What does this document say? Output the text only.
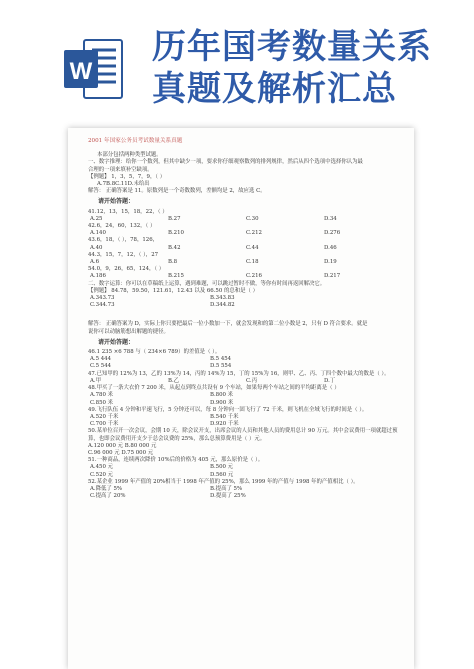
W
历年国考数量关系
真题及解析汇总
2001 年国家公务员考试数量关系真题

本部分包括两种类型试题。

一、数字推理：给你一个数列，但其中缺少一项，要求你仔细观察数列的排列规律，然后从四个选项中选择你认为最

合理的一项来填补空缺项。

【例题】 1，3，5，7，9，（ ）

A.7B.8C.11D.未给出

解答： 正确答案是 11。原数列是一个奇数数列，差额均是 2，故应选 C。

请开始答题：

41.12，13，15，18，22，（ ）

A.25	B.27	C.30	D.34

42.6，24，60，132，（ ）

A.140	B.210	C.212	D.276

43.6，18，（ ），78，126，

A.40	B.42	C.44	D.46

44.3，15，7，12，（ ），27

A.6	B.8	C.18	D.19

54.0，9，26，65，124，（ ）

A.186	B.215	C.216	D.217

二、数字运算：你可以在草稿纸上运算，遇到难题，可以跳过暂时不做，等你有时间再返回解决它。

【例题】 84.78，59.50，121.61，12.43 以及 66.50 的总和是（ ）

A.343.73	B.343.83
C.344.73	D.344.82

解答： 正确答案为 D，实际上你只要把最后一位小数加一下，就会发现和的第二位小数是 2，只有 D 符合要求。就是

说你可以动脑筋想出解题的捷径。

请开始答题：

46.1 235 ×6 788 与（ 234×6 789）的差值是（ ）。

A.5 444	B.5 454
C.5 544	D.5 554

47.已知甲的 12%为 13，乙的 13%为 14，丙的 14%为 15，丁的 15%为 16，则甲、乙、丙、丁四个数中最大的数是（ ）。

A.甲	B.乙	C.丙	D.丁

48.甲买了一条大衣价 7 200 米，从起点到终点共设有 9 个车站，如果每两个车站之间的平均距离是（ ）

A.780 米	B.800 米
C.850 米	D.900 米

49.飞行队伍 4 分钟和平速飞行，5 分钟还可以，每 8 分钟向一固飞行了 72 千米，则飞机在全域飞行的时间是（ ）。

A.520 千米	B.540 千米
C.700 千米	D.920 千米

50.某单位召开一次会议，会期 10 天，除会议开支，出席会议的人员和其他人员的费用总计 90 万元。其中会议费用一项就超过预

算，也即会议费用开支少于总会议费的 25%，那么总预算费用是（ ）元。

A.120 000 元 B.80 000 元

C.96 000 元 D.75 000 元

51.一种商品，连续两次降价 10%后的价格为 405 元，那么原价是（ ）。

A.450 元	B.500 元
C.520 元	D.560 元

52.某企业 1999 年产值的 20%相当于 1998 年产值的 25%，那么 1999 年的产值与 1998 年的产值相比（ ）。

A.降低了 5%	B.提高了 5%
C.提高了 20%	D.提高了 25%
